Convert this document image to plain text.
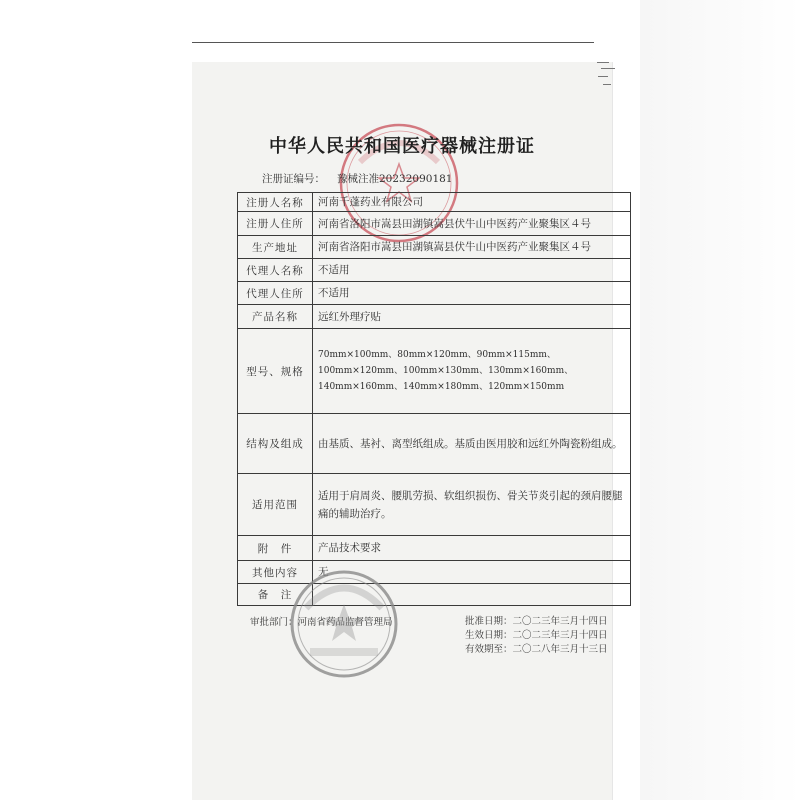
中华人民共和国医疗器械注册证
注册证编号： 豫械注准20232090181
注册人名称	河南千蓬药业有限公司
注册人住所	河南省洛阳市嵩县田湖镇嵩县伏牛山中医药产业聚集区４号
生产地址	河南省洛阳市嵩县田湖镇嵩县伏牛山中医药产业聚集区４号
代理人名称	不适用
代理人住所	不适用
产品名称	远红外理疗贴
型号、规格	70mm×100mm、80mm×120mm、90mm×115mm、100mm×120mm、100mm×130mm、130mm×160mm、140mm×160mm、140mm×180mm、120mm×150mm
结构及组成	由基质、基衬、离型纸组成。基质由医用胶和远红外陶瓷粉组成。
适用范围	适用于肩周炎、腰肌劳损、软组织损伤、骨关节炎引起的颈肩腰腿痛的辅助治疗。
附　件	产品技术要求
其他内容	无
备　注	
审批部门：河南省药品监督管理局	批准日期：二〇二三年三月十四日
生效日期：二〇二三年三月十四日
有效期至：二〇二八年三月十三日
